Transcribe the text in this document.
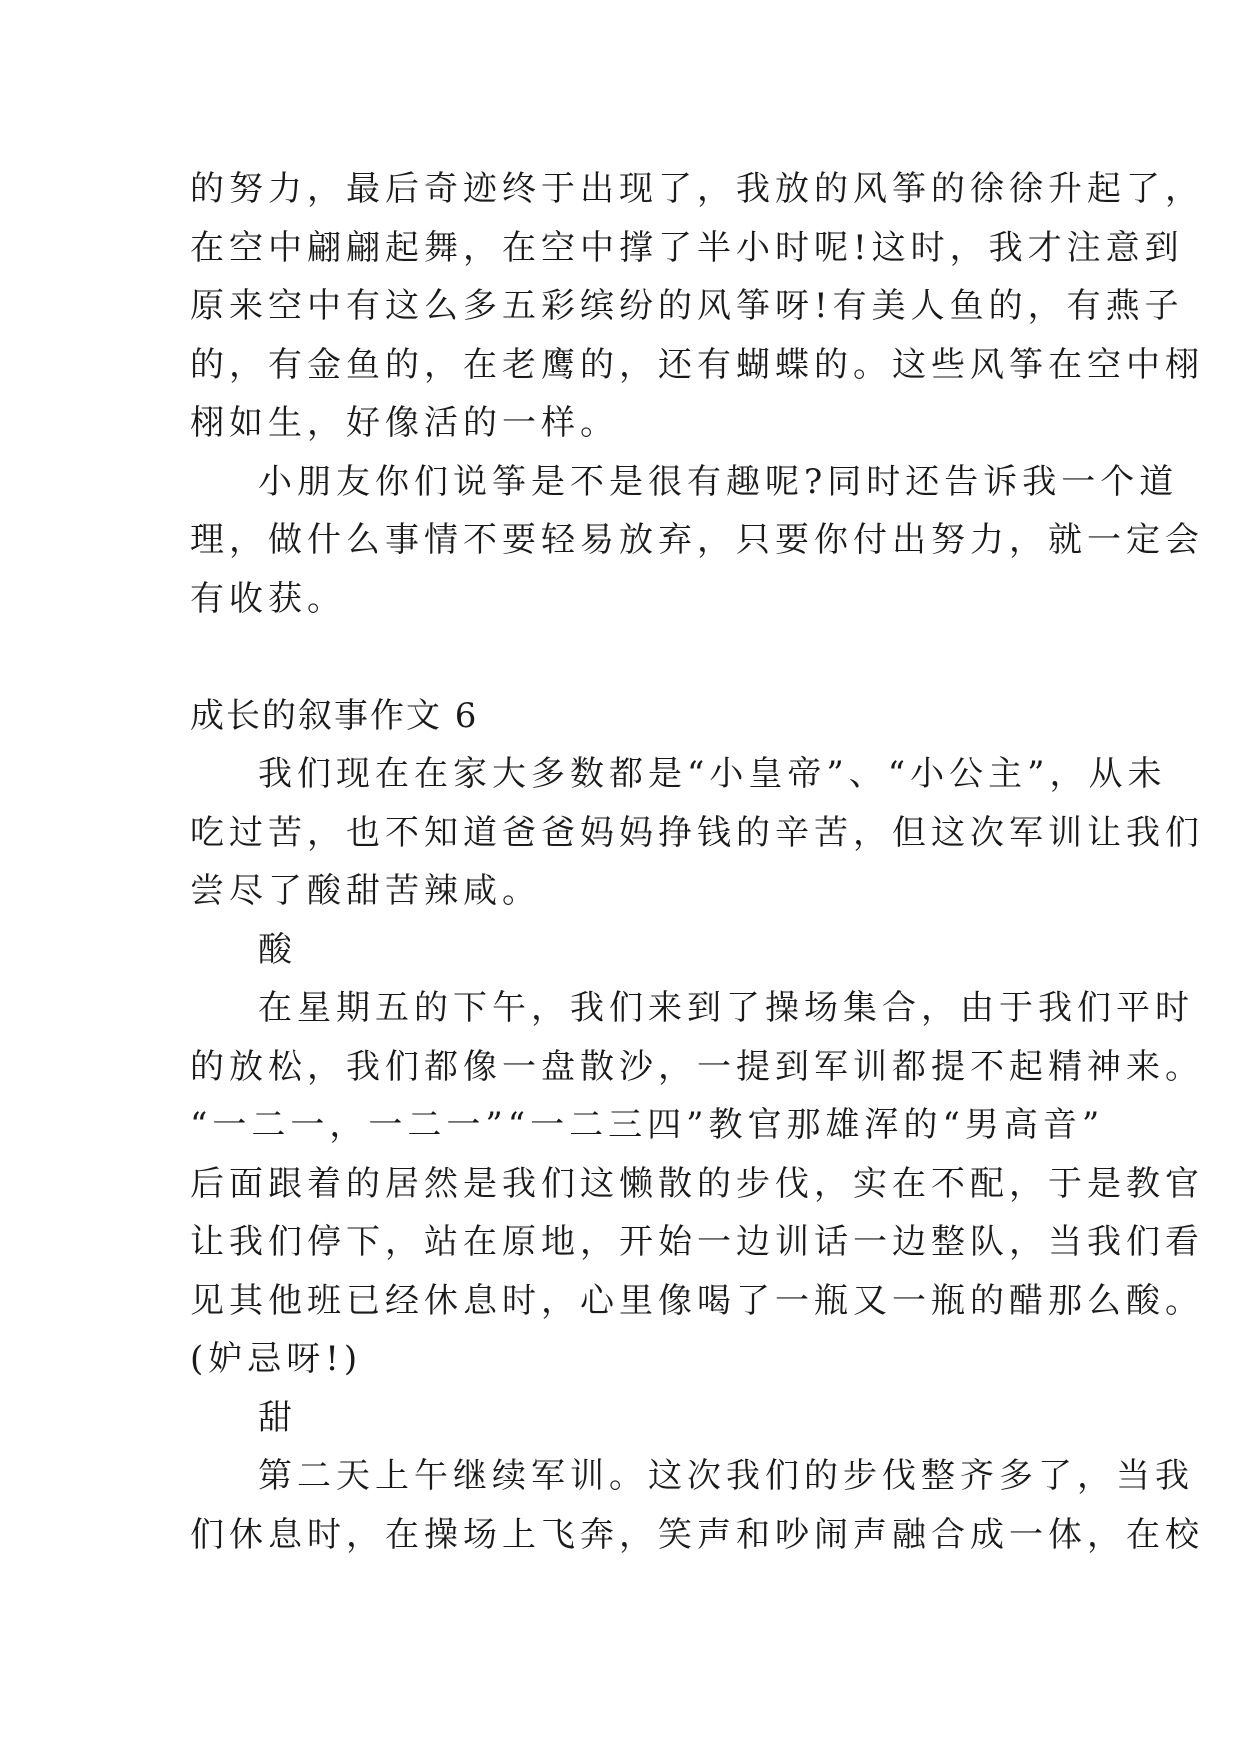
的努力，最后奇迹终于出现了，我放的风筝的徐徐升起了，
在空中翩翩起舞，在空中撑了半小时呢!这时，我才注意到
原来空中有这么多五彩缤纷的风筝呀!有美人鱼的，有燕子
的，有金鱼的，在老鹰的，还有蝴蝶的。这些风筝在空中栩
栩如生，好像活的一样。
小朋友你们说筝是不是很有趣呢?同时还告诉我一个道
理，做什么事情不要轻易放弃，只要你付出努力，就一定会
有收获。
成长的叙事作文 6
我们现在在家大多数都是“小皇帝”、“小公主”，从未
吃过苦，也不知道爸爸妈妈挣钱的辛苦，但这次军训让我们
尝尽了酸甜苦辣咸。
酸
在星期五的下午，我们来到了操场集合，由于我们平时
的放松，我们都像一盘散沙，一提到军训都提不起精神来。
“一二一，一二一”“一二三四”教官那雄浑的“男高音”
后面跟着的居然是我们这懒散的步伐，实在不配，于是教官
让我们停下，站在原地，开始一边训话一边整队，当我们看
见其他班已经休息时，心里像喝了一瓶又一瓶的醋那么酸。
(妒忌呀!)
甜
第二天上午继续军训。这次我们的步伐整齐多了，当我
们休息时，在操场上飞奔，笑声和吵闹声融合成一体，在校
